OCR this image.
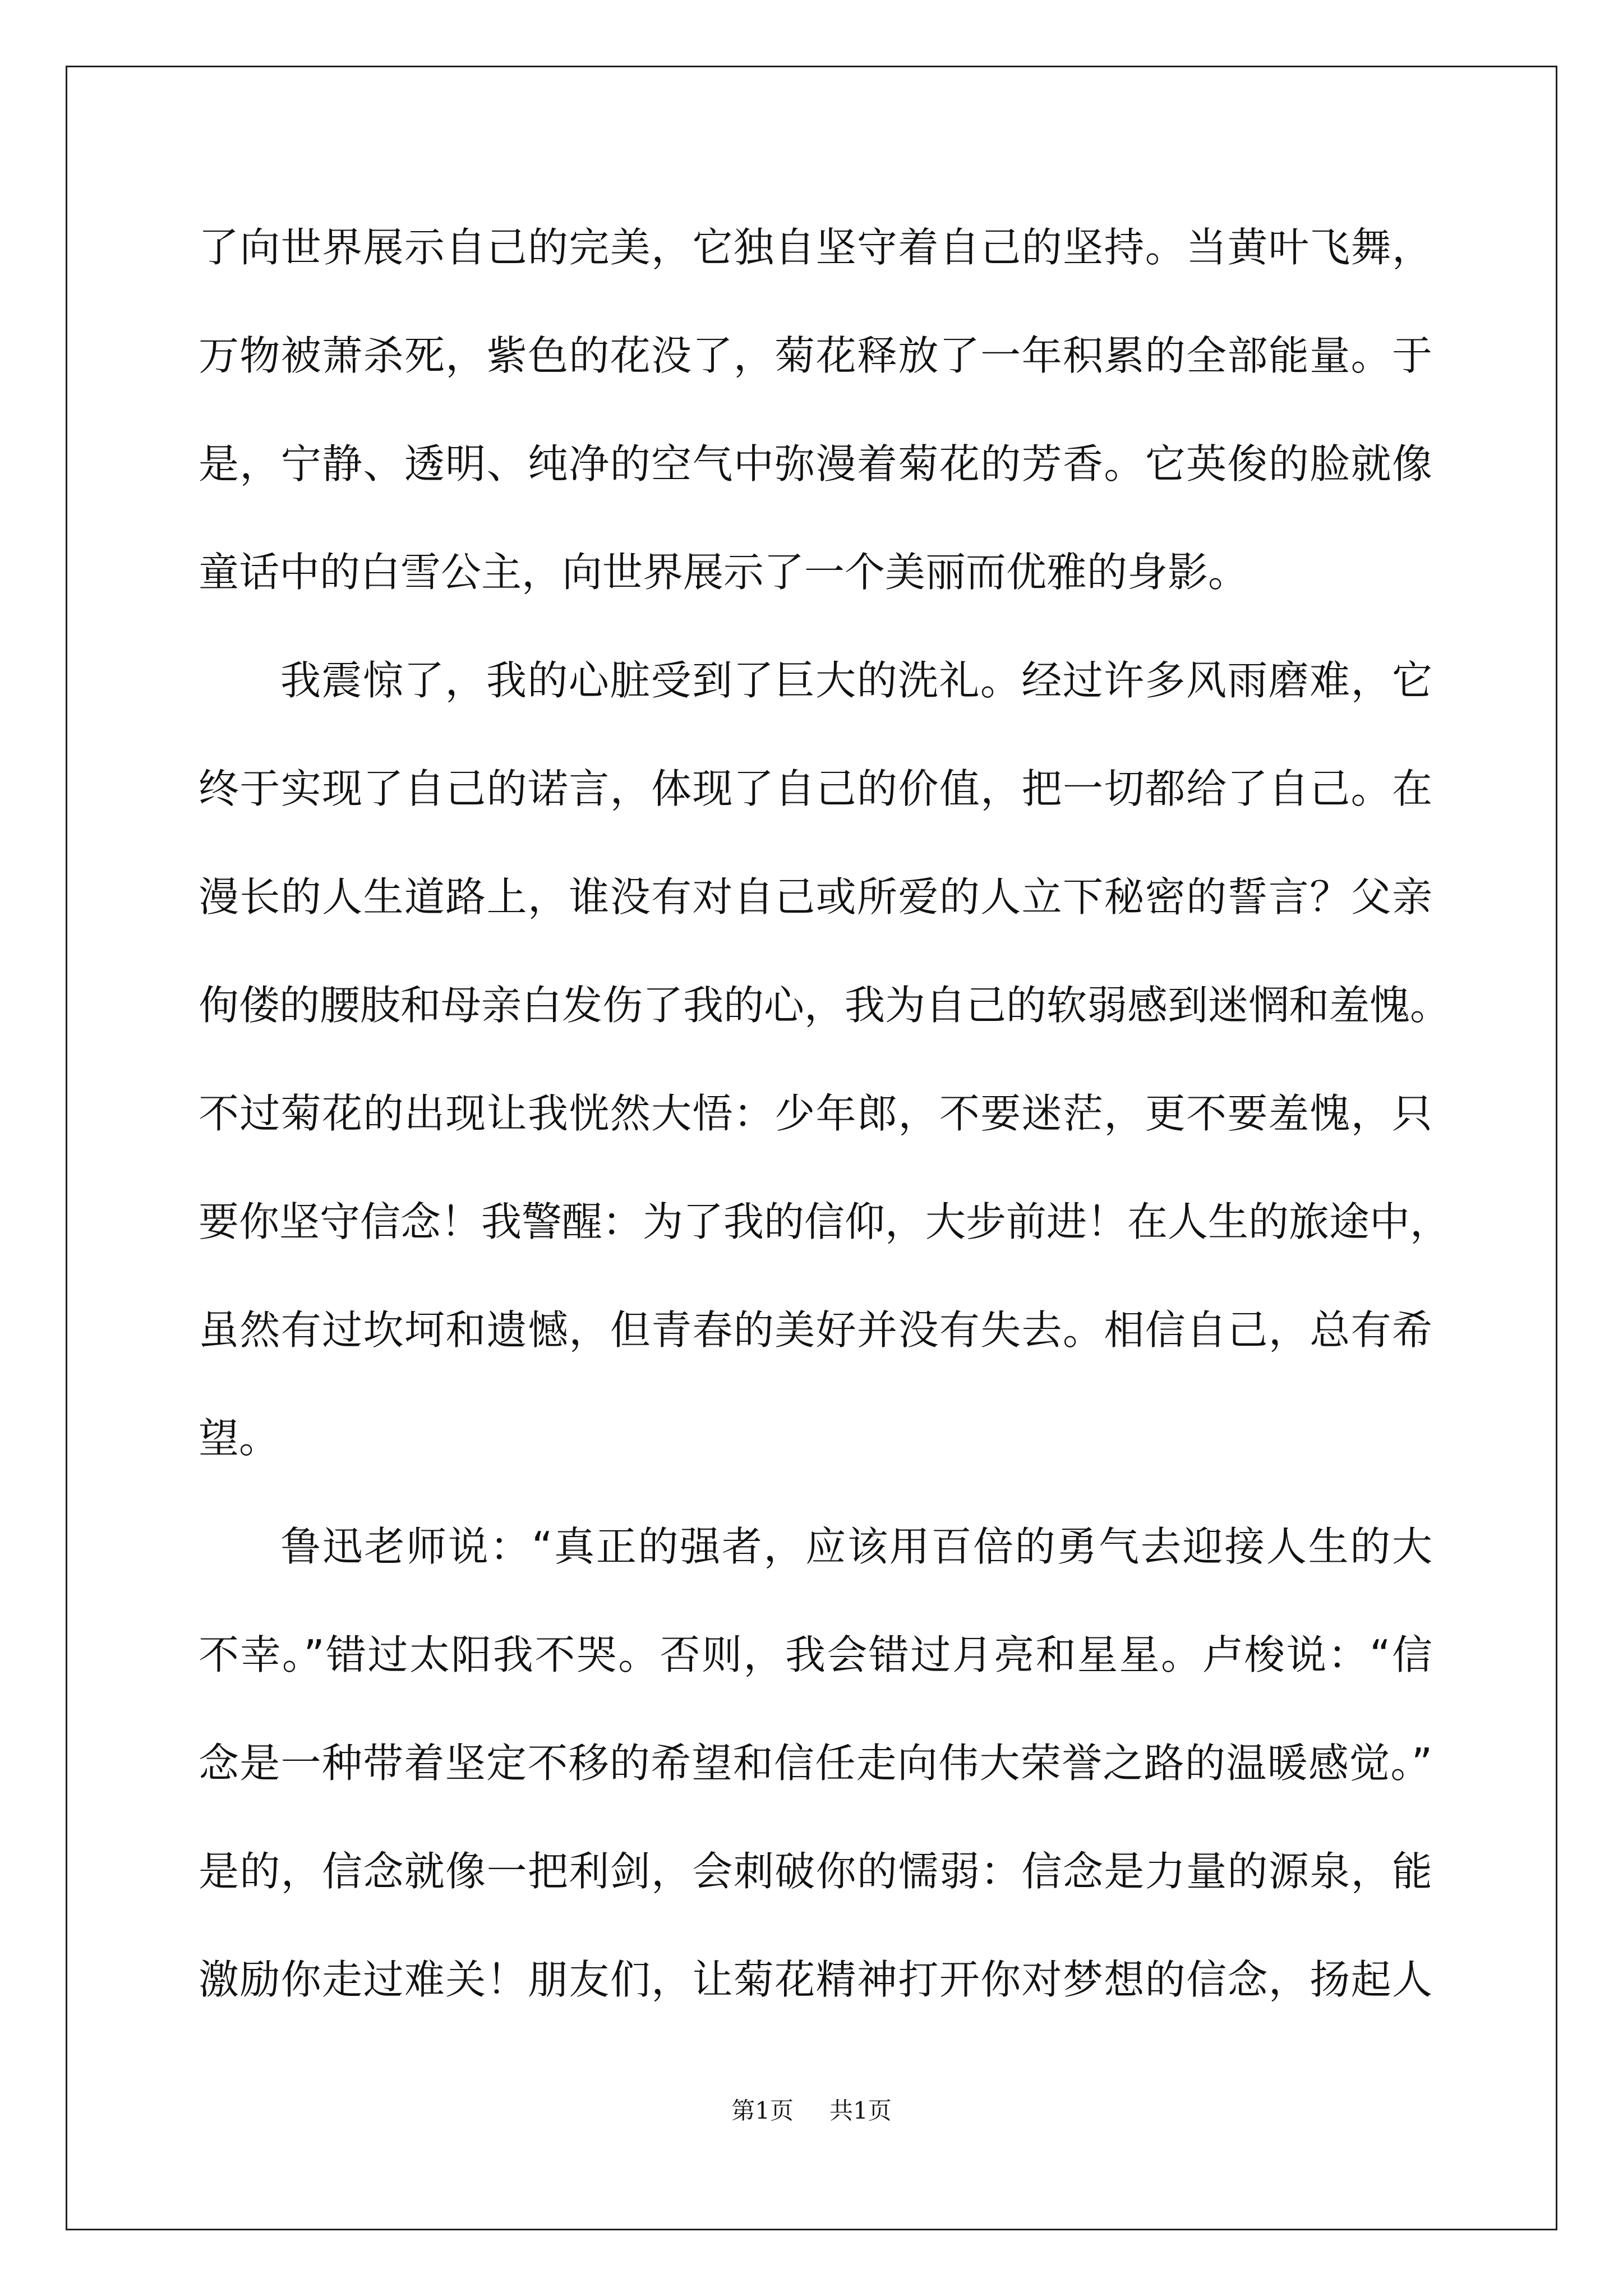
了向世界展示自己的完美，它独自坚守着自己的坚持。当黄叶飞舞，
万物被萧杀死，紫色的花没了，菊花释放了一年积累的全部能量。于
是，宁静、透明、纯净的空气中弥漫着菊花的芳香。它英俊的脸就像
童话中的白雪公主，向世界展示了一个美丽而优雅的身影。
我震惊了，我的心脏受到了巨大的洗礼。经过许多风雨磨难，它
终于实现了自己的诺言，体现了自己的价值，把一切都给了自己。在
漫长的人生道路上，谁没有对自己或所爱的人立下秘密的誓言？父亲
佝偻的腰肢和母亲白发伤了我的心，我为自己的软弱感到迷惘和羞愧。
不过菊花的出现让我恍然大悟：少年郎，不要迷茫，更不要羞愧，只
要你坚守信念！我警醒：为了我的信仰，大步前进！在人生的旅途中，
虽然有过坎坷和遗憾，但青春的美好并没有失去。相信自己，总有希
望。
鲁迅老师说：“真正的强者，应该用百倍的勇气去迎接人生的大
不幸。”错过太阳我不哭。否则，我会错过月亮和星星。卢梭说：“信
念是一种带着坚定不移的希望和信任走向伟大荣誉之路的温暖感觉。”
是的，信念就像一把利剑，会刺破你的懦弱：信念是力量的源泉，能
激励你走过难关！朋友们，让菊花精神打开你对梦想的信念，扬起人
第1页 共1页
